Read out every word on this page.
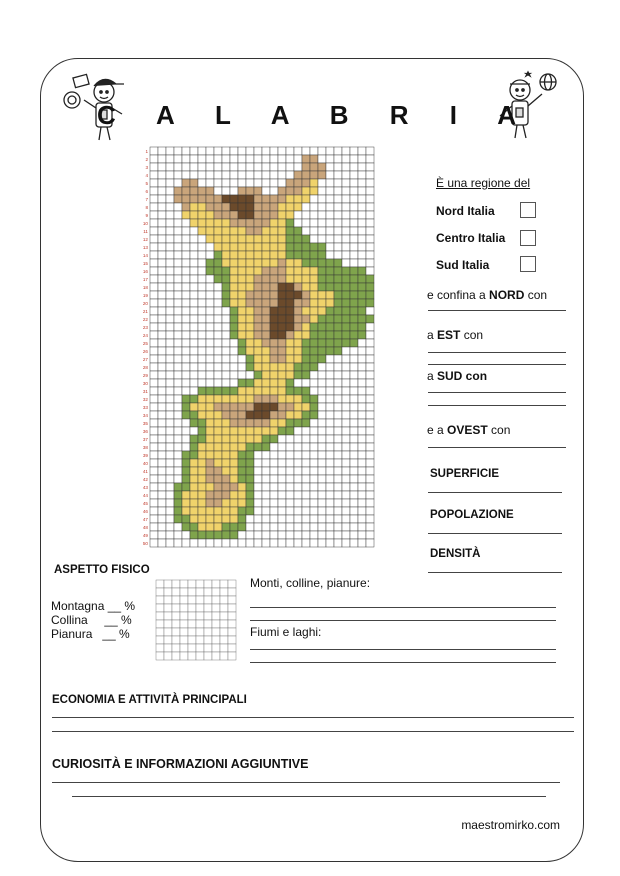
C A L A B R I A
1
2
3
4
5
6
7
8
9
10
11
12
13
14
15
16
17
18
19
20
21
22
23
24
25
26
27
28
29
30
31
32
33
34
35
36
37
38
39
40
41
42
43
44
45
46
47
48
49
50
È una regione del
Nord Italia
Centro Italia
Sud Italia
e confina a NORD con
a EST con
a SUD con
e a OVEST con
SUPERFICIE
POPOLAZIONE
DENSITÀ
ASPETTO FISICO
Montagna __ %
Collina     __ %
Pianura   __ %
Monti, colline, pianure:
Fiumi e laghi:
ECONOMIA E ATTIVITÀ PRINCIPALI
CURIOSITÀ E INFORMAZIONI AGGIUNTIVE
maestromirko.com
